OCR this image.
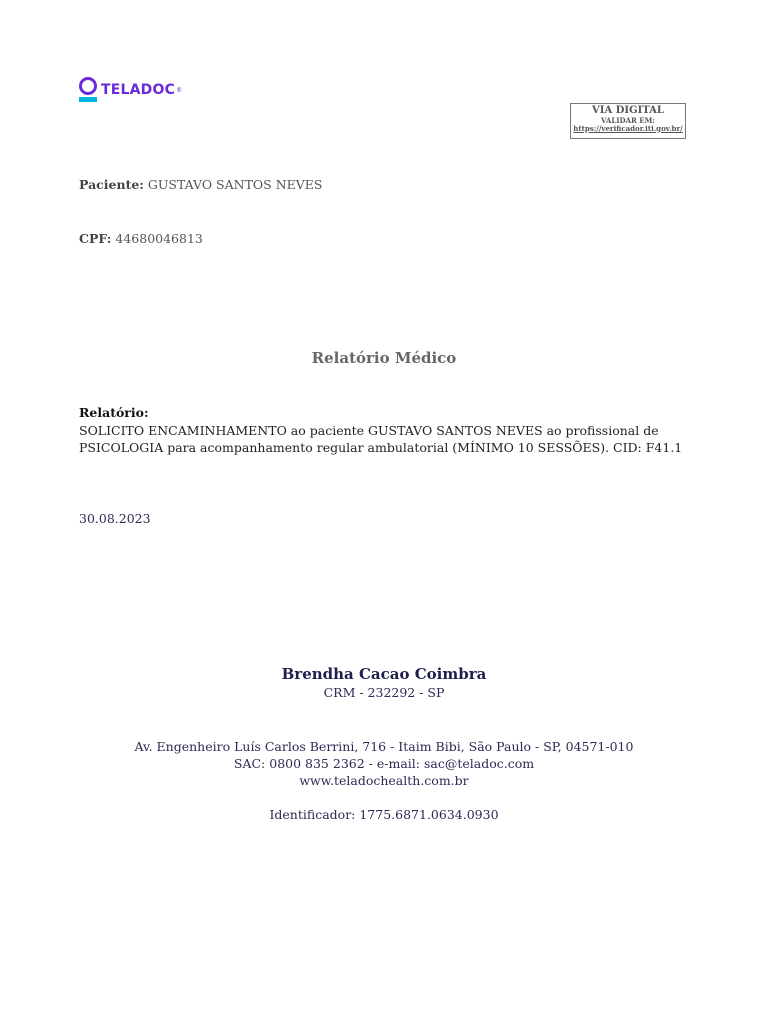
TELADOC ®
VIA DIGITAL
VALIDAR EM:
https://verificador.iti.gov.br/
Paciente: GUSTAVO SANTOS NEVES
CPF: 44680046813
Relatório Médico
Relatório:
SOLICITO ENCAMINHAMENTO ao paciente GUSTAVO SANTOS NEVES ao profissional de PSICOLOGIA para acompanhamento regular ambulatorial (MÍNIMO 10 SESSÕES). CID: F41.1
30.08.2023
Brendha Cacao Coimbra
CRM - 232292 - SP
Av. Engenheiro Luís Carlos Berrini, 716 - Itaim Bibi, São Paulo - SP, 04571-010
SAC: 0800 835 2362 - e-mail: sac@teladoc.com
www.teladochealth.com.br
Identificador: 1775.6871.0634.0930
